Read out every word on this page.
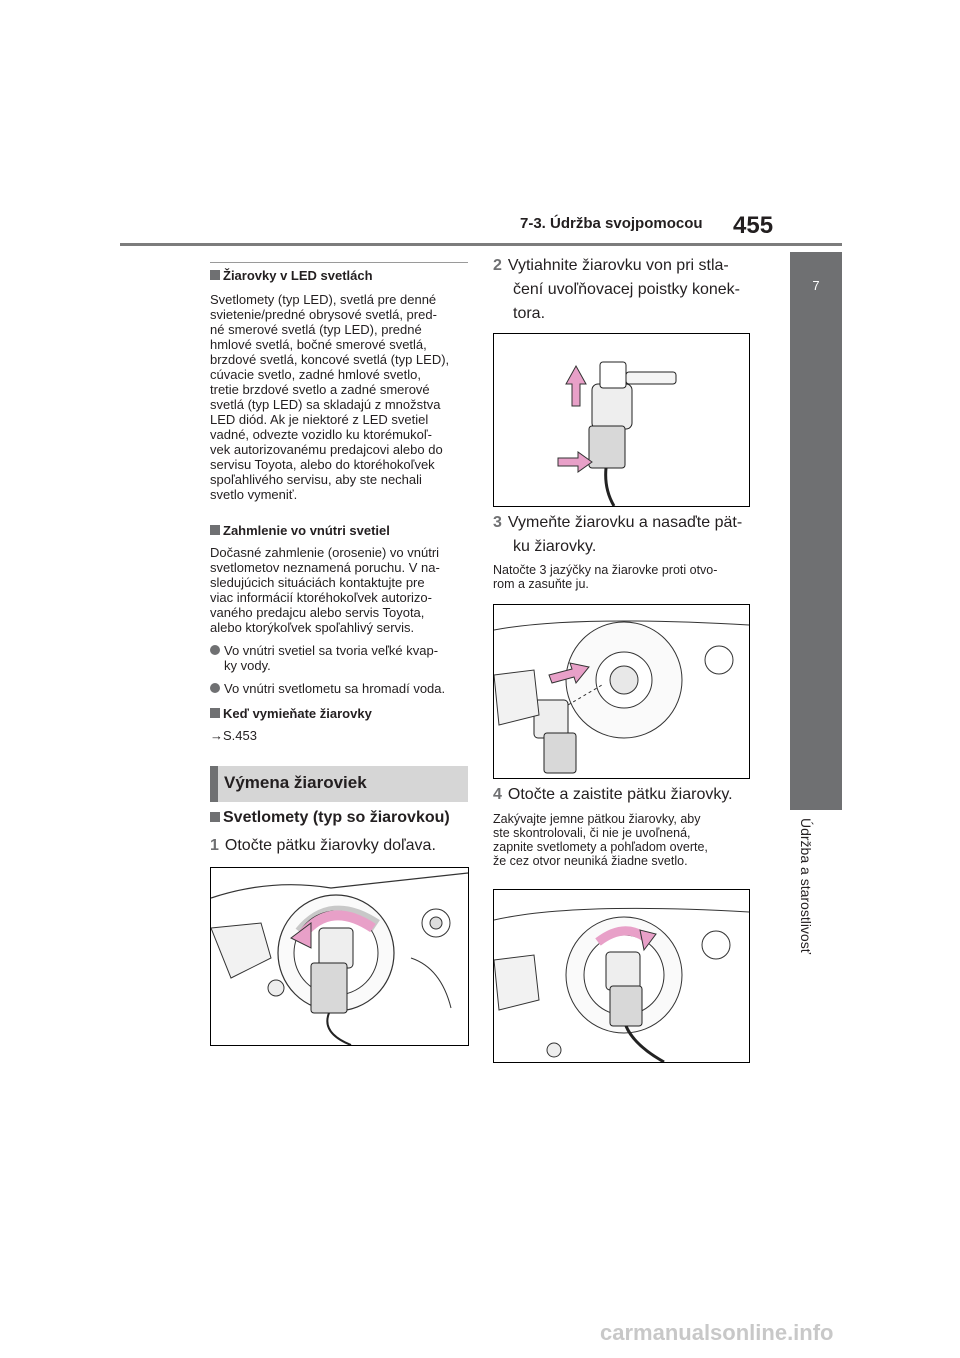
7-3. Údržba svojpomocou 455
7
Údržba a starostlivosť
Žiarovky v LED svetlách
Svetlomety (typ LED), svetlá pre denné
svietenie/predné obrysové svetlá, pred-
né smerové svetlá (typ LED), predné
hmlové svetlá, bočné smerové svetlá,
brzdové svetlá, koncové svetlá (typ LED),
cúvacie svetlo, zadné hmlové svetlo,
tretie brzdové svetlo a zadné smerové
svetlá (typ LED) sa skladajú z množstva
LED diód. Ak je niektoré z LED svetiel
vadné, odvezte vozidlo ku ktorémukoľ-
vek autorizovanému predajcovi alebo do
servisu Toyota, alebo do ktoréhokoľvek
spoľahlivého servisu, aby ste nechali
svetlo vymeniť.
Zahmlenie vo vnútri svetiel
Dočasné zahmlenie (orosenie) vo vnútri
svetlometov neznamená poruchu. V na-
sledujúcich situáciách kontaktujte pre
viac informácií ktoréhokoľvek autorizo-
vaného predajcu alebo servis Toyota,
alebo ktorýkoľvek spoľahlivý servis.
Vo vnútri svetiel sa tvoria veľké kvap-
ky vody.
Vo vnútri svetlometu sa hromadí voda.
Keď vymieňate žiarovky
→S.453
Výmena žiaroviek
Svetlomety (typ so žiarovkou)
1 Otočte pätku žiarovky doľava.
2 Vytiahnite žiarovku von pri stla-
čení uvoľňovacej poistky konek-
tora.
3 Vymeňte žiarovku a nasaďte pät-
ku žiarovky.
Natočte 3 jazýčky na žiarovke proti otvo-
rom a zasuňte ju.
4 Otočte a zaistite pätku žiarovky.
Zakývajte jemne pätkou žiarovky, aby
ste skontrolovali, či nie je uvoľnená,
zapnite svetlomety a pohľadom overte,
že cez otvor neuniká žiadne svetlo.
carmanualsonline.info
